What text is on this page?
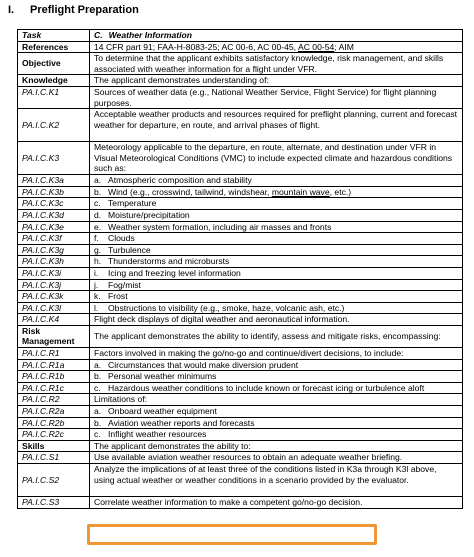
I. Preflight Preparation
Task	C. Weather Information
References	14 CFR part 91; FAA-H-8083-25; AC 00-6, AC 00-45, AC 00-54; AIM
Objective	To determine that the applicant exhibits satisfactory knowledge, risk management, and skills associated with weather information for a flight under VFR.
Knowledge	The applicant demonstrates understanding of:
PA.I.C.K1	Sources of weather data (e.g., National Weather Service, Flight Service) for flight planning purposes.
PA.I.C.K2	Acceptable weather products and resources required for preflight planning, current and forecast weather for departure, en route, and arrival phases of flight.
PA.I.C.K3	Meteorology applicable to the departure, en route, alternate, and destination under VFR in Visual Meteorological Conditions (VMC) to include expected climate and hazardous conditions such as:
PA.I.C.K3a	a. Atmospheric composition and stability
PA.I.C.K3b	b. Wind (e.g., crosswind, tailwind, windshear, mountain wave, etc.)
PA.I.C.K3c	c. Temperature
PA.I.C.K3d	d. Moisture/precipitation
PA.I.C.K3e	e. Weather system formation, including air masses and fronts
PA.I.C.K3f	f. Clouds
PA.I.C.K3g	g. Turbulence
PA.I.C.K3h	h. Thunderstorms and microbursts
PA.I.C.K3i	i. Icing and freezing level information
PA.I.C.K3j	j. Fog/mist
PA.I.C.K3k	k. Frost
PA.I.C.K3l	l. Obstructions to visibility (e.g., smoke, haze, volcanic ash, etc.)
PA.I.C.K4	Flight deck displays of digital weather and aeronautical information.
Risk Management	The applicant demonstrates the ability to identify, assess and mitigate risks, encompassing:
PA.I.C.R1	Factors involved in making the go/no-go and continue/divert decisions, to include:
PA.I.C.R1a	a. Circumstances that would make diversion prudent
PA.I.C.R1b	b. Personal weather minimums
PA.I.C.R1c	c. Hazardous weather conditions to include known or forecast icing or turbulence aloft
PA.I.C.R2	Limitations of:
PA.I.C.R2a	a. Onboard weather equipment
PA.I.C.R2b	b. Aviation weather reports and forecasts
PA.I.C.R2c	c. Inflight weather resources
Skills	The applicant demonstrates the ability to:
PA.I.C.S1	Use available aviation weather resources to obtain an adequate weather briefing.
PA.I.C.S2	Analyze the implications of at least three of the conditions listed in K3a through K3l above, using actual weather or weather conditions in a scenario provided by the evaluator.
PA.I.C.S3	Correlate weather information to make a competent go/no-go decision.
